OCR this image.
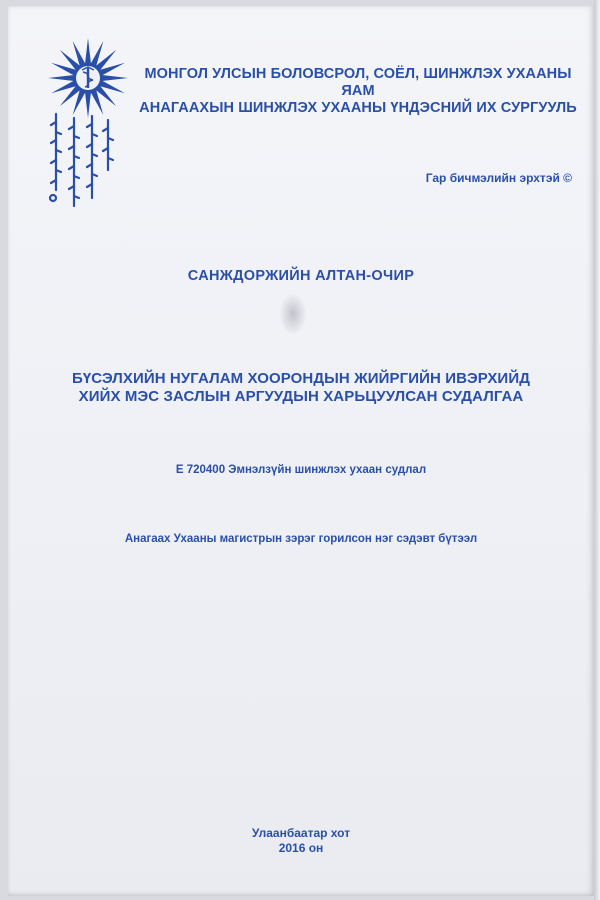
МОНГОЛ УЛСЫН БОЛОВСРОЛ, СОЁЛ, ШИНЖЛЭХ УХААНЫ ЯАМ
АНАГААХЫН ШИНЖЛЭХ УХААНЫ ҮНДЭСНИЙ ИХ СУРГУУЛЬ
Гар бичмэлийн эрхтэй ©
САНЖДОРЖИЙН АЛТАН-ОЧИР
БҮСЭЛХИЙН НУГАЛАМ ХООРОНДЫН ЖИЙРГИЙН ИВЭРХИЙД
ХИЙХ МЭС ЗАСЛЫН АРГУУДЫН ХАРЬЦУУЛСАН СУДАЛГАА
Е 720400 Эмнэлзүйн шинжлэх ухаан судлал
Анагаах Ухааны магистрын зэрэг горилсон нэг сэдэвт бүтээл
Улаанбаатар хот
2016 он
